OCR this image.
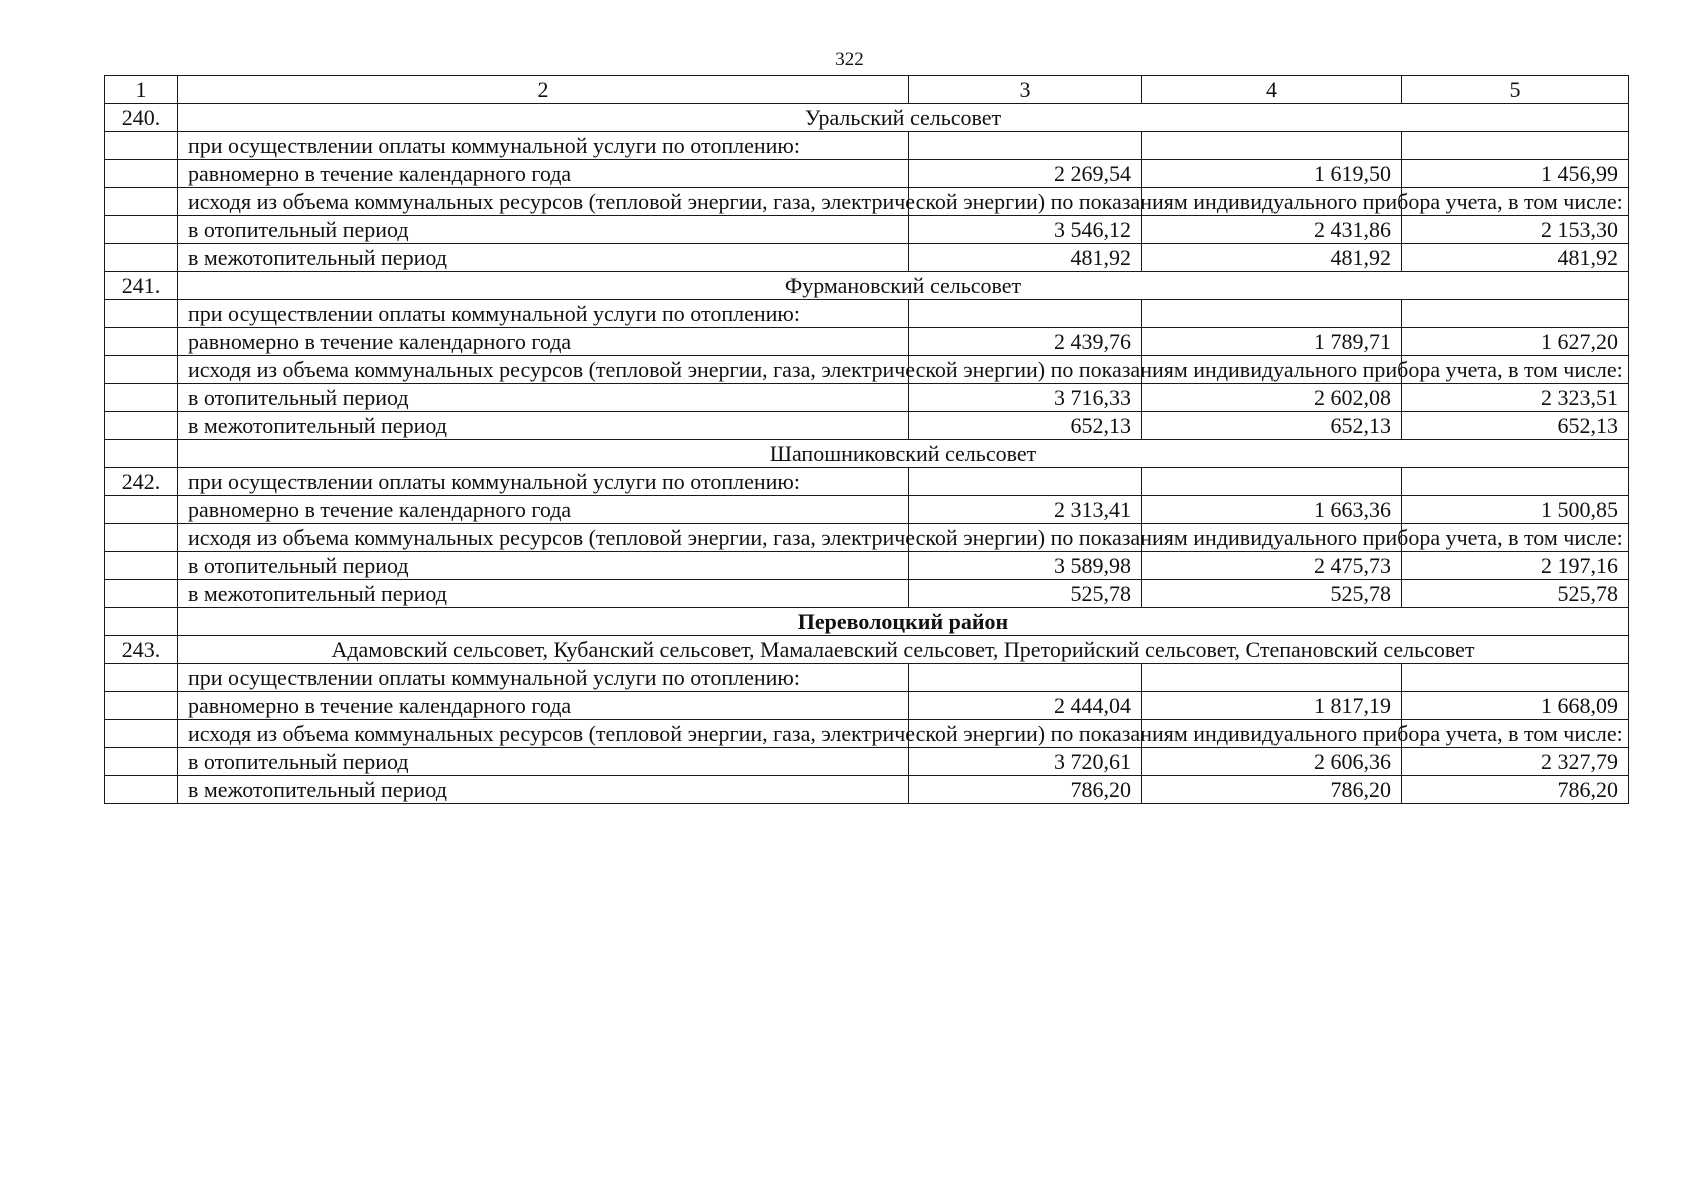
322
1	2	3	4	5
240.	Уральский сельсовет			
	при осуществлении оплаты коммунальной услуги по отоплению:			
	равномерно в течение календарного года	2 269,54	1 619,50	1 456,99
	исходя из объема коммунальных ресурсов (тепловой энергии, газа, электрической энергии) по показаниям индивидуального прибора учета, в том числе:			
	в отопительный период	3 546,12	2 431,86	2 153,30
	в межотопительный период	481,92	481,92	481,92
241.	Фурмановский сельсовет			
	при осуществлении оплаты коммунальной услуги по отоплению:			
	равномерно в течение календарного года	2 439,76	1 789,71	1 627,20
	исходя из объема коммунальных ресурсов (тепловой энергии, газа, электрической энергии) по показаниям индивидуального прибора учета, в том числе:			
	в отопительный период	3 716,33	2 602,08	2 323,51
	в межотопительный период	652,13	652,13	652,13
	Шапошниковский сельсовет			
242.	при осуществлении оплаты коммунальной услуги по отоплению:			
	равномерно в течение календарного года	2 313,41	1 663,36	1 500,85
	исходя из объема коммунальных ресурсов (тепловой энергии, газа, электрической энергии) по показаниям индивидуального прибора учета, в том числе:			
	в отопительный период	3 589,98	2 475,73	2 197,16
	в межотопительный период	525,78	525,78	525,78
	Переволоцкий район			
243.	Адамовский сельсовет, Кубанский сельсовет, Мамалаевский сельсовет, Преторийский сельсовет, Степановский сельсовет			
	при осуществлении оплаты коммунальной услуги по отоплению:			
	равномерно в течение календарного года	2 444,04	1 817,19	1 668,09
	исходя из объема коммунальных ресурсов (тепловой энергии, газа, электрической энергии) по показаниям индивидуального прибора учета, в том числе:			
	в отопительный период	3 720,61	2 606,36	2 327,79
	в межотопительный период	786,20	786,20	786,20
